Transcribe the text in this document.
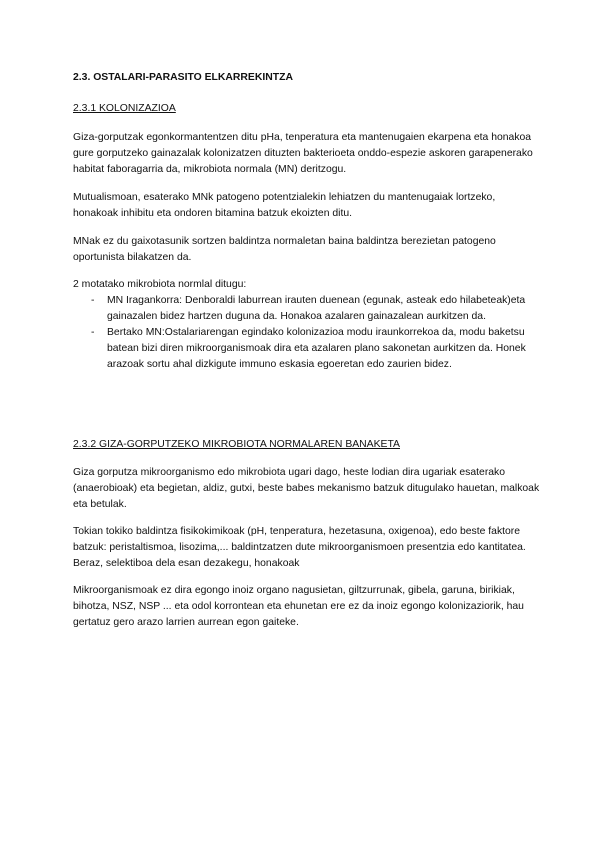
2.3. OSTALARI-PARASITO ELKARREKINTZA

2.3.1 KOLONIZAZIOA

Giza-gorputzak egonkormantentzen ditu pHa, tenperatura eta mantenugaien ekarpena eta honakoa gure gorputzeko gainazalak kolonizatzen dituzten bakterioeta onddo-espezie askoren garapenerako habitat faboragarria da, mikrobiota normala (MN) deritzogu.

Mutualismoan, esaterako MNk patogeno potentzialekin lehiatzen du mantenugaiak lortzeko, honakoak inhibitu eta ondoren bitamina batzuk ekoizten ditu.

MNak ez du gaixotasunik sortzen baldintza normaletan baina baldintza berezietan patogeno oportunista bilakatzen da.

2 motatako mikrobiota normlal ditugu:

- MN Iragankorra: Denboraldi laburrean irauten duenean (egunak, asteak edo hilabeteak)eta gainazalen bidez hartzen duguna da. Honakoa azalaren gainazalean aurkitzen da.
- Bertako MN:Ostalariarengan egindako kolonizazioa modu iraunkorrekoa da, modu baketsu batean bizi diren mikroorganismoak dira eta azalaren plano sakonetan aurkitzen da. Honek arazoak sortu ahal dizkigute immuno eskasia egoeretan edo zaurien bidez.

2.3.2 GIZA-GORPUTZEKO MIKROBIOTA NORMALAREN BANAKETA

Giza gorputza mikroorganismo edo mikrobiota ugari dago, heste lodian dira ugariak esaterako (anaerobioak) eta begietan, aldiz, gutxi, beste babes mekanismo batzuk ditugulako hauetan, malkoak eta betulak.

Tokian tokiko baldintza fisikokimikoak (pH, tenperatura, hezetasuna, oxigenoa), edo beste faktore batzuk: peristaltismoa, lisozima,... baldintzatzen dute mikroorganismoen presentzia edo kantitatea. Beraz, selektiboa dela esan dezakegu, honakoak

Mikroorganismoak ez dira egongo inoiz organo nagusietan, giltzurrunak, gibela, garuna, birikiak, bihotza, NSZ, NSP ... eta odol korrontean eta ehunetan ere ez da inoiz egongo kolonizaziorik, hau gertatuz gero arazo larrien aurrean egon gaiteke.
